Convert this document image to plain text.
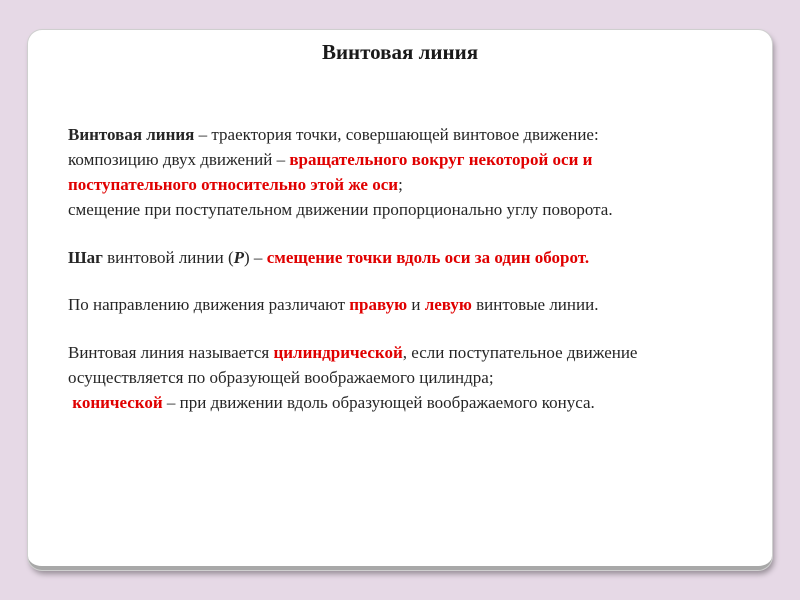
Винтовая линия
Винтовая линия – траектория точки, совершающей винтовое движение:
композицию двух движений – вращательного вокруг некоторой оси и
поступательного относительно этой же оси;
смещение при поступательном движении пропорционально углу поворота.
Шаг винтовой линии (Р) – смещение точки вдоль оси за один оборот.
По направлению движения различают правую и левую винтовые линии.
Винтовая линия называется цилиндрической, если поступательное движение
осуществляется по образующей воображаемого цилиндра;
конической – при движении вдоль образующей воображаемого конуса.
